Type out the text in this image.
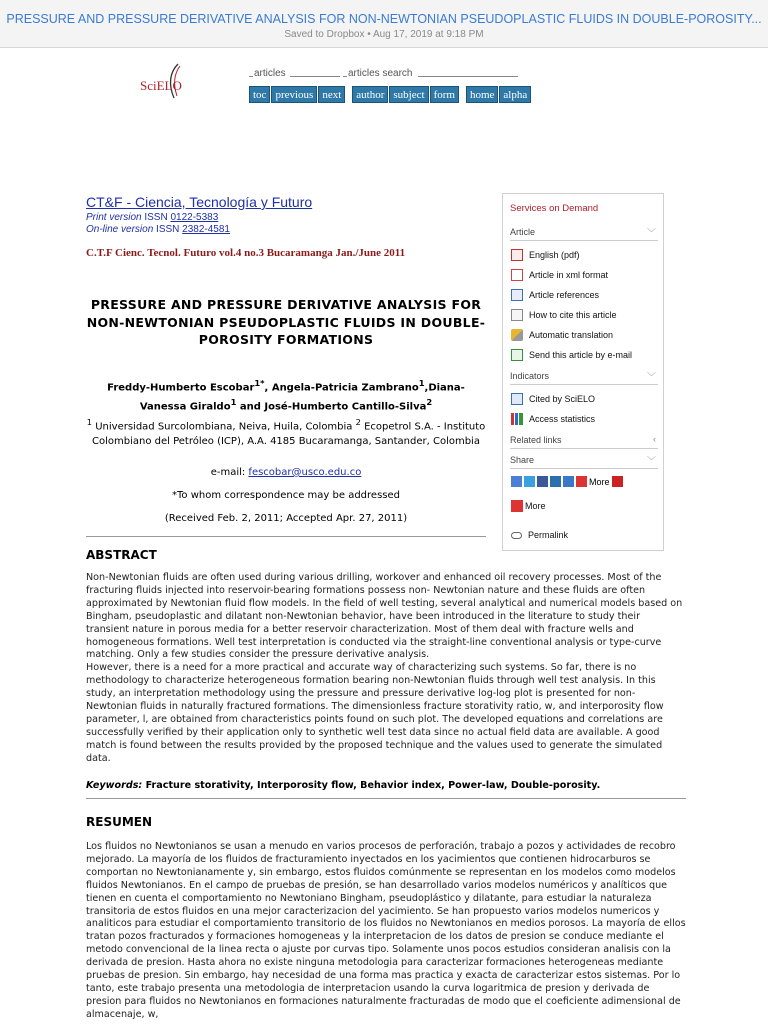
PRESSURE AND PRESSURE DERIVATIVE ANALYSIS FOR NON-NEWTONIAN PSEUDOPLASTIC FLUIDS IN DOUBLE-POROSITY...
Saved to Dropbox • Aug 17, 2019 at 9:18 PM
SciELO
articles	articles search
toc previous next	author subject form	home alpha
CT&F - Ciencia, Tecnología y Futuro
Print version ISSN 0122-5383
On-line version ISSN 2382-4581
C.T.F Cienc. Tecnol. Futuro vol.4 no.3 Bucaramanga Jan./June 2011
PRESSURE AND PRESSURE DERIVATIVE ANALYSIS FOR NON-NEWTONIAN PSEUDOPLASTIC FLUIDS IN DOUBLE-POROSITY FORMATIONS
Freddy-Humberto Escobar$^{1*}$, Angela-Patricia Zambrano$^1$,Diana-Vanessa Giraldo$^1$ and José-Humberto Cantillo-Silva$^2$
$^1$ Universidad Surcolombiana, Neiva, Huila, Colombia $^2$ Ecopetrol S.A. - Instituto Colombiano del Petróleo (ICP), A.A. 4185 Bucaramanga, Santander, Colombia
e-mail: fescobar@usco.edu.co
*To whom correspondence may be addressed
(Received Feb. 2, 2011; Accepted Apr. 27, 2011)
ABSTRACT
Non-Newtonian fluids are often used during various drilling, workover and enhanced oil recovery processes. Most of the fracturing fluids injected into reservoir-bearing formations possess non- Newtonian nature and these fluids are often approximated by Newtonian fluid flow models. In the field of well testing, several analytical and numerical models based on Bingham, pseudoplastic and dilatant non-Newtonian behavior, have been introduced in the literature to study their transient nature in porous media for a better reservoir characterization. Most of them deal with fracture wells and homogeneous formations. Well test interpretation is conducted via the straight-line conventional analysis or type-curve matching. Only a few studies consider the pressure derivative analysis.
However, there is a need for a more practical and accurate way of characterizing such systems. So far, there is no methodology to characterize heterogeneous formation bearing non-Newtonian fluids through well test analysis. In this study, an interpretation methodology using the pressure and pressure derivative log-log plot is presented for non-Newtonian fluids in naturally fractured formations. The dimensionless fracture storativity ratio, w, and interporosity flow parameter, l, are obtained from characteristics points found on such plot. The developed equations and correlations are successfully verified by their application only to synthetic well test data since no actual field data are available. A good match is found between the results provided by the proposed technique and the values used to generate the simulated data.
Keywords: Fracture storativity, Interporosity flow, Behavior index, Power-law, Double-porosity.
RESUMEN
Los fluidos no Newtonianos se usan a menudo en varios procesos de perforación, trabajo a pozos y actividades de recobro mejorado. La mayoría de los fluidos de fracturamiento inyectados en los yacimientos que contienen hidrocarburos se comportan no Newtonianamente y, sin embargo, estos fluidos comúnmente se representan en los modelos como modelos fluidos Newtonianos. En el campo de pruebas de presión, se han desarrollado varios modelos numéricos y analíticos que tienen en cuenta el comportamiento no Newtoniano Bingham, pseudoplástico y dilatante, para estudiar la naturaleza transitoria de estos fluidos en una mejor caracterizacion del yacimiento. Se han propuesto varios modelos numericos y analiticos para estudiar el comportamiento transitorio de los fluidos no Newtonianos en medios porosos. La mayoría de ellos tratan pozos fracturados y formaciones homogeneas y la interpretacion de los datos de presion se conduce mediante el metodo convencional de la linea recta o ajuste por curvas tipo. Solamente unos pocos estudios consideran analisis con la derivada de presion. Hasta ahora no existe ninguna metodologia para caracterizar formaciones heterogeneas mediante pruebas de presion. Sin embargo, hay necesidad de una forma mas practica y exacta de caracterizar estos sistemas. Por lo tanto, este trabajo presenta una metodologia de interpretacion usando la curva logaritmica de presion y derivada de presion para fluidos no Newtonianos en formaciones naturalmente fracturadas de modo que el coeficiente adimensional de almacenaje, w,
Services on Demand
Article	﹀
English (pdf)
Article in xml format
Article references
How to cite this article
Automatic translation
Send this article by e-mail
Indicators	﹀
Cited by SciELO
Access statistics
Related links	‹
Share	﹀
More
More
Permalink
